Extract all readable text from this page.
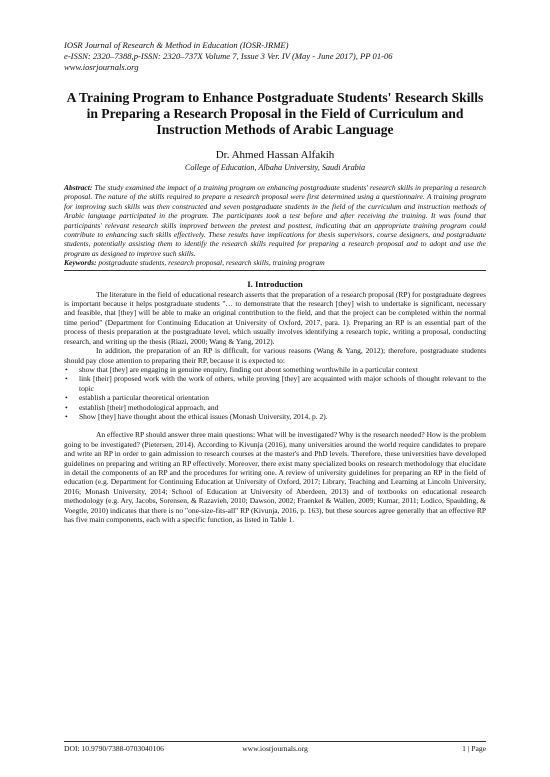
IOSR Journal of Research & Method in Education (IOSR-JRME)
e-ISSN: 2320–7388,p-ISSN: 2320–737X Volume 7, Issue 3 Ver. IV (May - June 2017), PP 01-06
www.iosrjournals.org
A Training Program to Enhance Postgraduate Students' Research Skills in Preparing a Research Proposal in the Field of Curriculum and Instruction Methods of Arabic Language
Dr. Ahmed Hassan Alfakih
College of Education, Albaha University, Saudi Arabia
Abstract: The study examined the impact of a training program on enhancing postgraduate students' research skills in preparing a research proposal. The nature of the skills required to prepare a research proposal were first determined using a questionnaire. A training program for improving such skills was then constructed and seven postgraduate students in the field of the curriculum and instruction methods of Arabic language participated in the program. The participants took a test before and after receiving the training. It was found that participants' relevant research skills improved between the pretest and posttest, indicating that an appropriate training program could contribute to enhancing such skills effectively. These results have implications for thesis supervisors, course designers, and postgraduate students, potentially assisting them to identify the research skills required for preparing a research proposal and to adopt and use the program as designed to improve such skills.
Keywords: postgraduate students, research proposal, research skills, training program
I. Introduction

The literature in the field of educational research asserts that the preparation of a research proposal (RP) for postgraduate degrees is important because it helps postgraduate students "… to demonstrate that the research [they] wish to undertake is significant, necessary and feasible, that [they] will be able to make an original contribution to the field, and that the project can be completed within the normal time period" (Department for Continuing Education at University of Oxford, 2017, para. 1). Preparing an RP is an essential part of the process of thesis preparation at the postgraduate level, which usually involves identifying a research topic, writing a proposal, conducting research, and writing up the thesis (Riazi, 2000; Wang & Yang, 2012).

In addition, the preparation of an RP is difficult, for various reasons (Wang & Yang, 2012); therefore, postgraduate students should pay close attention to preparing their RP, because it is expected to:

• show that [they] are engaging in genuine enquiry, finding out about something worthwhile in a particular context
• link [their] proposed work with the work of others, while proving [they] are acquainted with major schools of thought relevant to the topic
• establish a particular theoretical orientation
• establish [their] methodological approach, and
• Show [they] have thought about the ethical issues (Monash University, 2014, p. 2).

An effective RP should answer three main questions: What will be investigated? Why is the research needed? How is the problem going to be investigated? (Pietersen, 2014). According to Kivunja (2016), many universities around the world require candidates to prepare and write an RP in order to gain admission to research courses at the master's and PhD levels. Therefore, these universities have developed guidelines on preparing and writing an RP effectively. Moreover, there exist many specialized books on research methodology that elucidate in detail the components of an RP and the procedures for writing one. A review of university guidelines for preparing an RP in the field of education (e.g. Department for Continuing Education at University of Oxford, 2017; Library, Teaching and Learning at Lincoln University, 2016; Monash University, 2014; School of Education at University of Aberdeen, 2013) and of textbooks on educational research methodology (e.g. Ary, Jacobs, Sorensen, & Razavieh, 2010; Dawson, 2002; Fraenkel & Wallen, 2009; Kumar, 2011; Lodico, Spaulding, & Voegtle, 2010) indicates that there is no "one-size-fits-all" RP (Kivunja, 2016, p. 163), but these sources agree generally that an effective RP has five main components, each with a specific function, as listed in Table 1.

DOI: 10.9790/7388-0703040106	www.iosrjournals.org	1 | Page
